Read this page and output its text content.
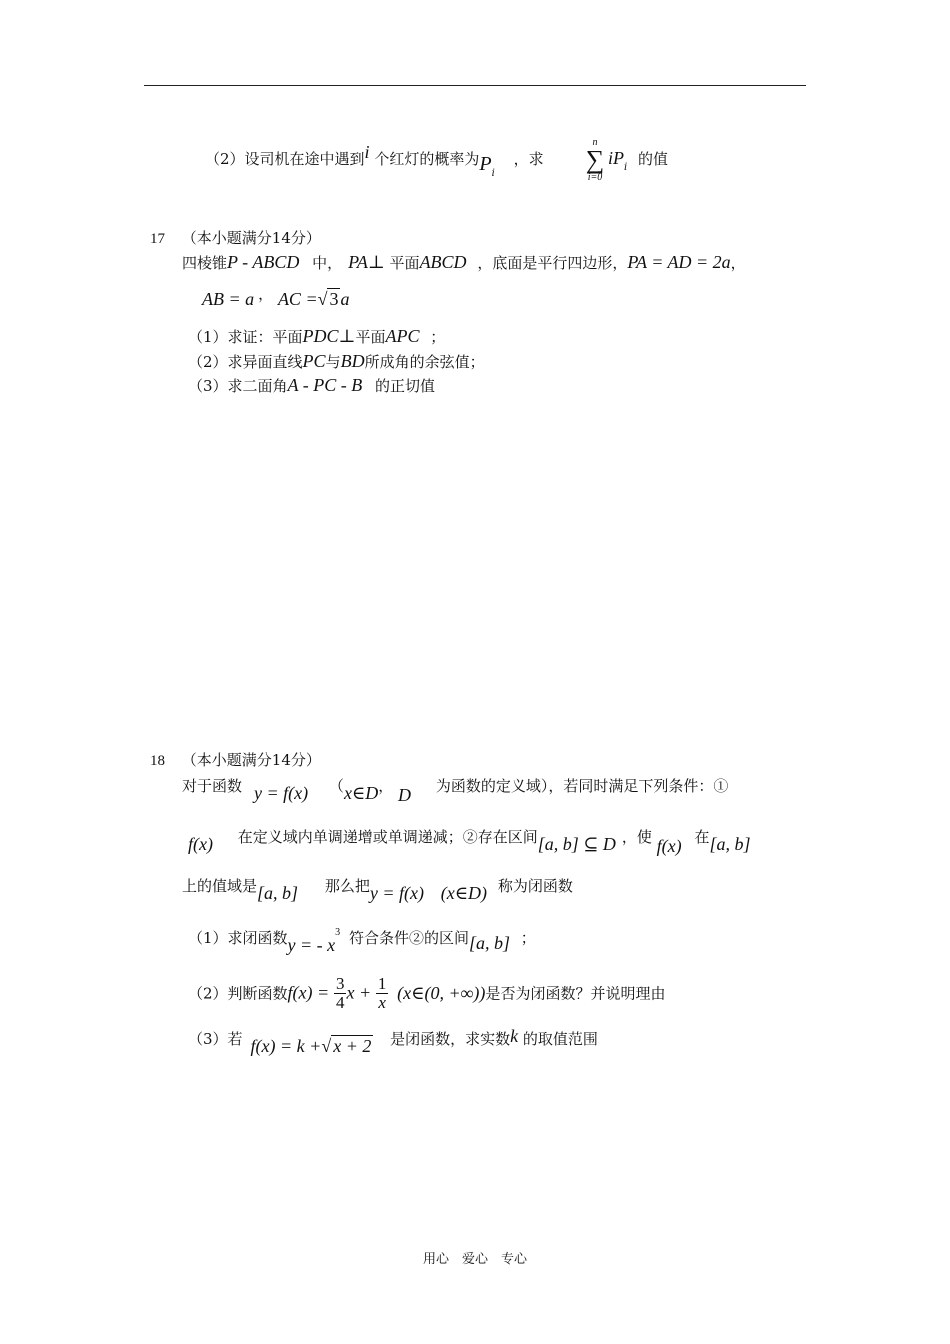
（2）设司机在途中遇到i 个红灯的概率为$P_i$ ，求
n
∑
i=0
$iP_i$ 的值
17 （本小题满分14分）
四棱锥P - ABCD 中， PA⊥ 平面ABCD ，底面是平行四边形，PA = AD = 2a，
AB = a ， AC =√ 3 a
（1）求证：平面PDC⊥平面APC ；
（2）求异面直线PC与BD所成角的余弦值；
（3）求二面角A - PC - B 的正切值
18 （本小题满分14分）
对于函数 y = f(x) （x∈D， D 为函数的定义域），若同时满足下列条件：①
f(x) 在定义域内单调递增或单调递减；②存在区间[a, b] ⊆ D ，使 f(x) 在[a, b]
上的值域是[a, b] 那么把y = f(x) (x∈D) 称为闭函数
（1）求闭函数y = - $x^3$ 符合条件②的区间[a, b] ；
（2）判断函数$f(x) = \frac{3}{4}$ $x + \frac{1}{x}$ (x∈(0, +∞))是否为闭函数？并说明理由
（3）若 f(x) = k +√ x + 2 是闭函数，求实数k 的取值范围
用心　爱心　专心
